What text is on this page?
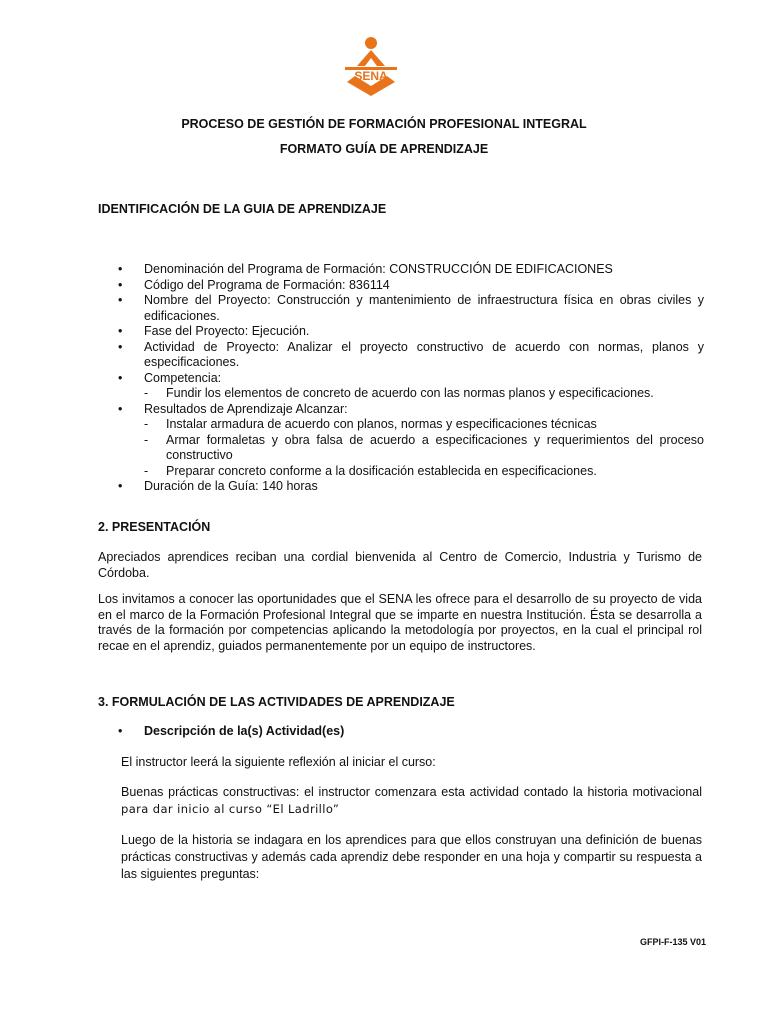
SENA
PROCESO DE GESTIÓN DE FORMACIÓN PROFESIONAL INTEGRAL
FORMATO GUÍA DE APRENDIZAJE
IDENTIFICACIÓN DE LA GUIA DE APRENDIZAJE
• Denominación del Programa de Formación: CONSTRUCCIÓN DE EDIFICACIONES
• Código del Programa de Formación: 836114
• Nombre del Proyecto: Construcción y mantenimiento de infraestructura física en obras civiles y edificaciones.
• Fase del Proyecto: Ejecución.
• Actividad de Proyecto: Analizar el proyecto constructivo de acuerdo con normas, planos y especificaciones.
• Competencia:
- Fundir los elementos de concreto de acuerdo con las normas planos y especificaciones.
• Resultados de Aprendizaje Alcanzar:
- Instalar armadura de acuerdo con planos, normas y especificaciones técnicas
- Armar formaletas y obra falsa de acuerdo a especificaciones y requerimientos del proceso constructivo
- Preparar concreto conforme a la dosificación establecida en especificaciones.
• Duración de la Guía: 140 horas
2. PRESENTACIÓN

Apreciados aprendices reciban una cordial bienvenida al Centro de Comercio, Industria y Turismo de Córdoba.

Los invitamos a conocer las oportunidades que el SENA les ofrece para el desarrollo de su proyecto de vida en el marco de la Formación Profesional Integral que se imparte en nuestra Institución. Ésta se desarrolla a través de la formación por competencias aplicando la metodología por proyectos, en la cual el principal rol recae en el aprendiz, guiados permanentemente por un equipo de instructores.

3. FORMULACIÓN DE LAS ACTIVIDADES DE APRENDIZAJE
• Descripción de la(s) Actividad(es)

El instructor leerá la siguiente reflexión al iniciar el curso:

Buenas prácticas constructivas: el instructor comenzara esta actividad contado la historia motivacional para dar inicio al curso “El Ladrillo”

Luego de la historia se indagara en los aprendices para que ellos construyan una definición de buenas prácticas constructivas y además cada aprendiz debe responder en una hoja y compartir su respuesta a las siguientes preguntas:

GFPI-F-135 V01
